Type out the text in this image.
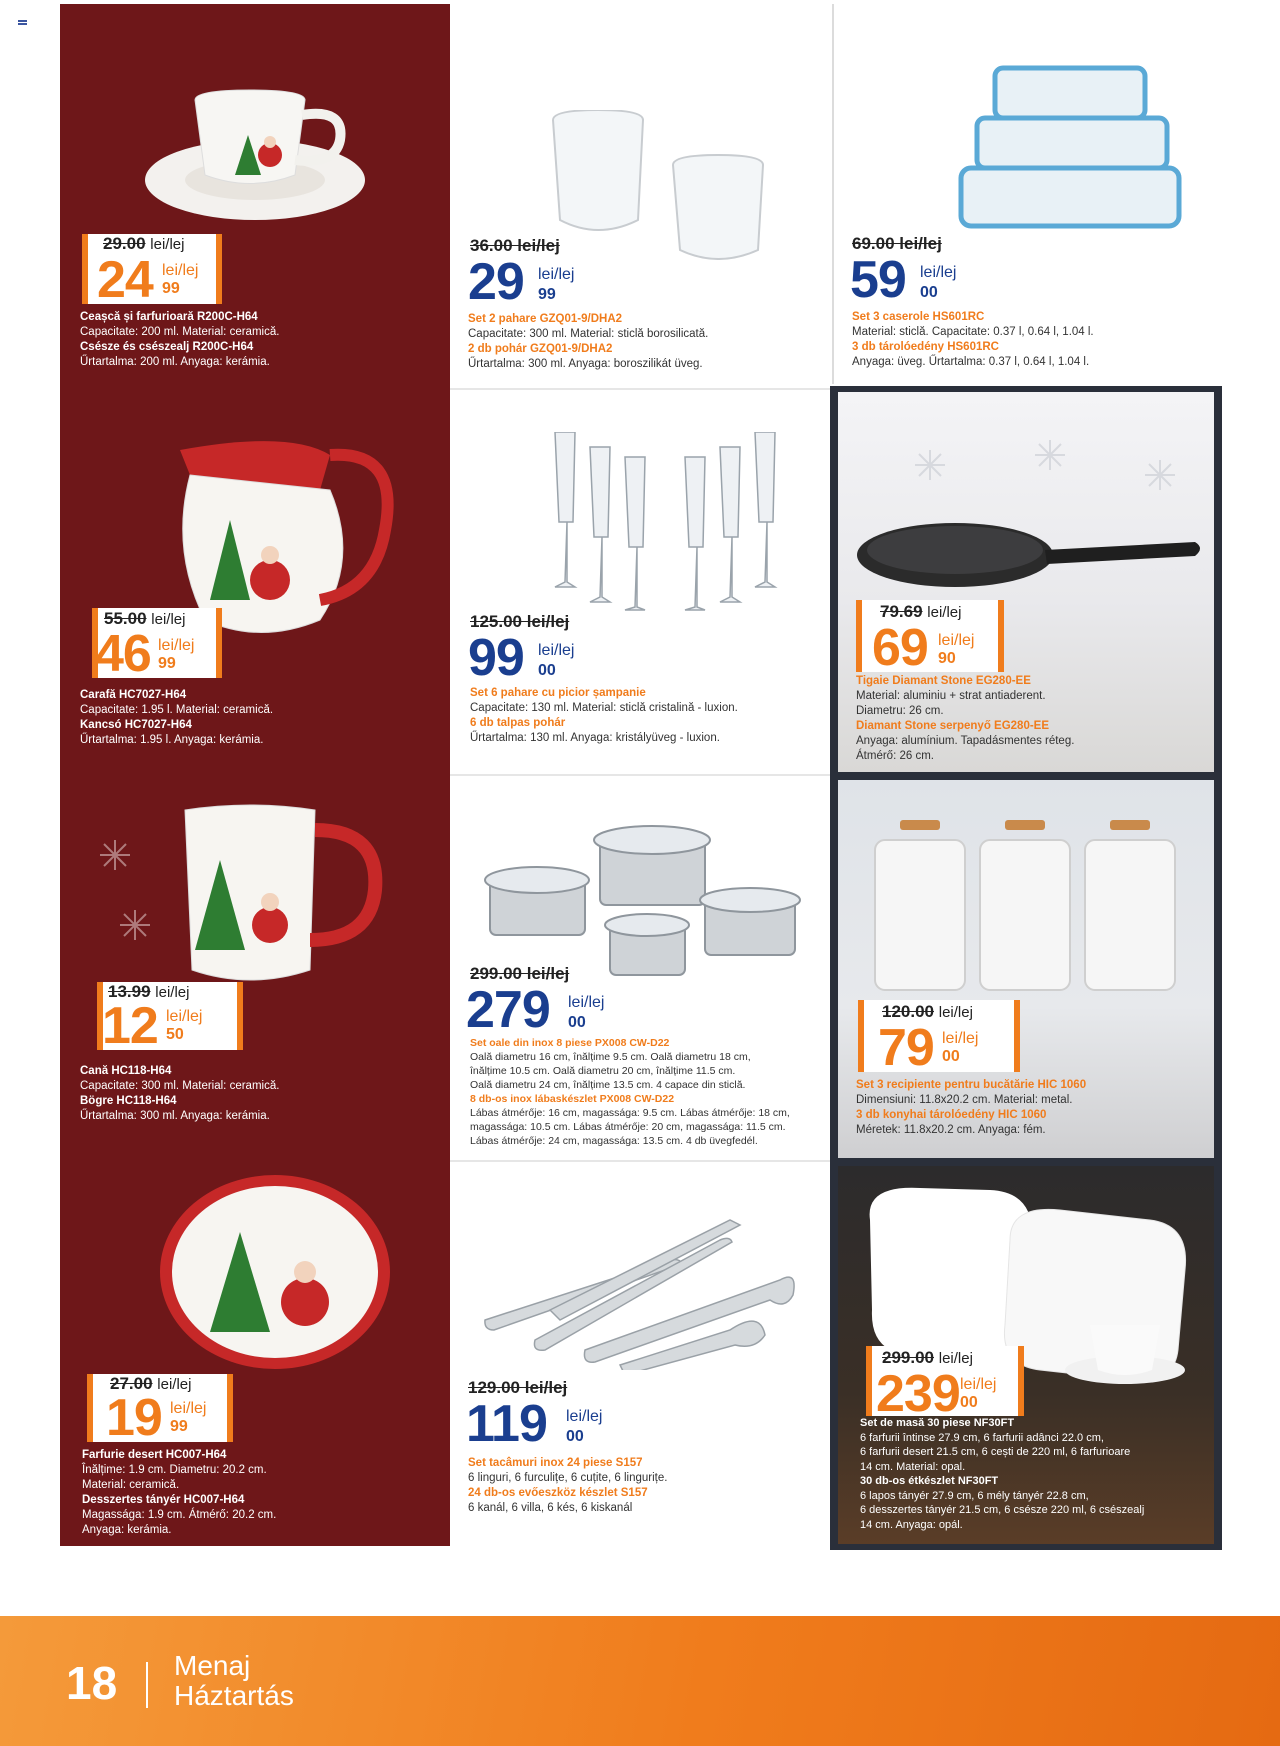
29.00 lei/lej
24 lei/lej
99
Ceașcă și farfurioară R200C-H64
Capacitate: 200 ml. Material: ceramică.
Csésze és csészealj R200C-H64
Űrtartalma: 200 ml. Anyaga: kerámia.
36.00 lei/lej
29 lei/lej
99
Set 2 pahare GZQ01-9/DHA2
Capacitate: 300 ml. Material: sticlă borosilicată.
2 db pohár GZQ01-9/DHA2
Űrtartalma: 300 ml. Anyaga: boroszilikát üveg.
69.00 lei/lej
59 lei/lej
00
Set 3 caserole HS601RC
Material: sticlă. Capacitate: 0.37 l, 0.64 l, 1.04 l.
3 db tárolóedény HS601RC
Anyaga: üveg. Űrtartalma: 0.37 l, 0.64 l, 1.04 l.
55.00 lei/lej
46 lei/lej
99
Carafă HC7027-H64
Capacitate: 1.95 l. Material: ceramică.
Kancsó HC7027-H64
Űrtartalma: 1.95 l. Anyaga: kerámia.
125.00 lei/lej
99 lei/lej
00
Set 6 pahare cu picior șampanie
Capacitate: 130 ml. Material: sticlă cristalină - luxion.
6 db talpas pohár
Űrtartalma: 130 ml. Anyaga: kristályüveg - luxion.
79.69 lei/lej
69 lei/lej
90
Tigaie Diamant Stone EG280-EE
Material: aluminiu + strat antiaderent.
Diametru: 26 cm.
Diamant Stone serpenyő EG280-EE
Anyaga: alumínium. Tapadásmentes réteg.
Átmérő: 26 cm.
13.99 lei/lej
12 lei/lej
50
Cană HC118-H64
Capacitate: 300 ml. Material: ceramică.
Bögre HC118-H64
Űrtartalma: 300 ml. Anyaga: kerámia.
299.00 lei/lej
279 lei/lej
00
Set oale din inox 8 piese PX008 CW-D22
Oală diametru 16 cm, înălțime 9.5 cm. Oală diametru 18 cm,
înălțime 10.5 cm. Oală diametru 20 cm, înălțime 11.5 cm.
Oală diametru 24 cm, înălțime 13.5 cm. 4 capace din sticlă.
8 db-os inox lábaskészlet PX008 CW-D22
Lábas átmérője: 16 cm, magassága: 9.5 cm. Lábas átmérője: 18 cm,
magassága: 10.5 cm. Lábas átmérője: 20 cm, magassága: 11.5 cm.
Lábas átmérője: 24 cm, magassága: 13.5 cm. 4 db üvegfedél.
120.00 lei/lej
79 lei/lej
00
Set 3 recipiente pentru bucătărie HIC 1060
Dimensiuni: 11.8x20.2 cm. Material: metal.
3 db konyhai tárolóedény HIC 1060
Méretek: 11.8x20.2 cm. Anyaga: fém.
27.00 lei/lej
19 lei/lej
99
Farfurie desert HC007-H64
Înălțime: 1.9 cm. Diametru: 20.2 cm.
Material: ceramică.
Desszertes tányér HC007-H64
Magassága: 1.9 cm. Átmérő: 20.2 cm.
Anyaga: kerámia.
129.00 lei/lej
119 lei/lej
00
Set tacâmuri inox 24 piese S157
6 linguri, 6 furculițe, 6 cuțite, 6 lingurițe.
24 db-os evőeszköz készlet S157
6 kanál, 6 villa, 6 kés, 6 kiskanál
299.00 lei/lej
239 lei/lej
00
Set de masă 30 piese NF30FT
6 farfurii întinse 27.9 cm, 6 farfurii adânci 22.0 cm,
6 farfurii desert 21.5 cm, 6 cești de 220 ml, 6 farfurioare
14 cm. Material: opal.
30 db-os étkészlet NF30FT
6 lapos tányér 27.9 cm, 6 mély tányér 22.8 cm,
6 desszertes tányér 21.5 cm, 6 csésze 220 ml, 6 csészealj
14 cm. Anyaga: opál.
18 Menaj
Háztartás
